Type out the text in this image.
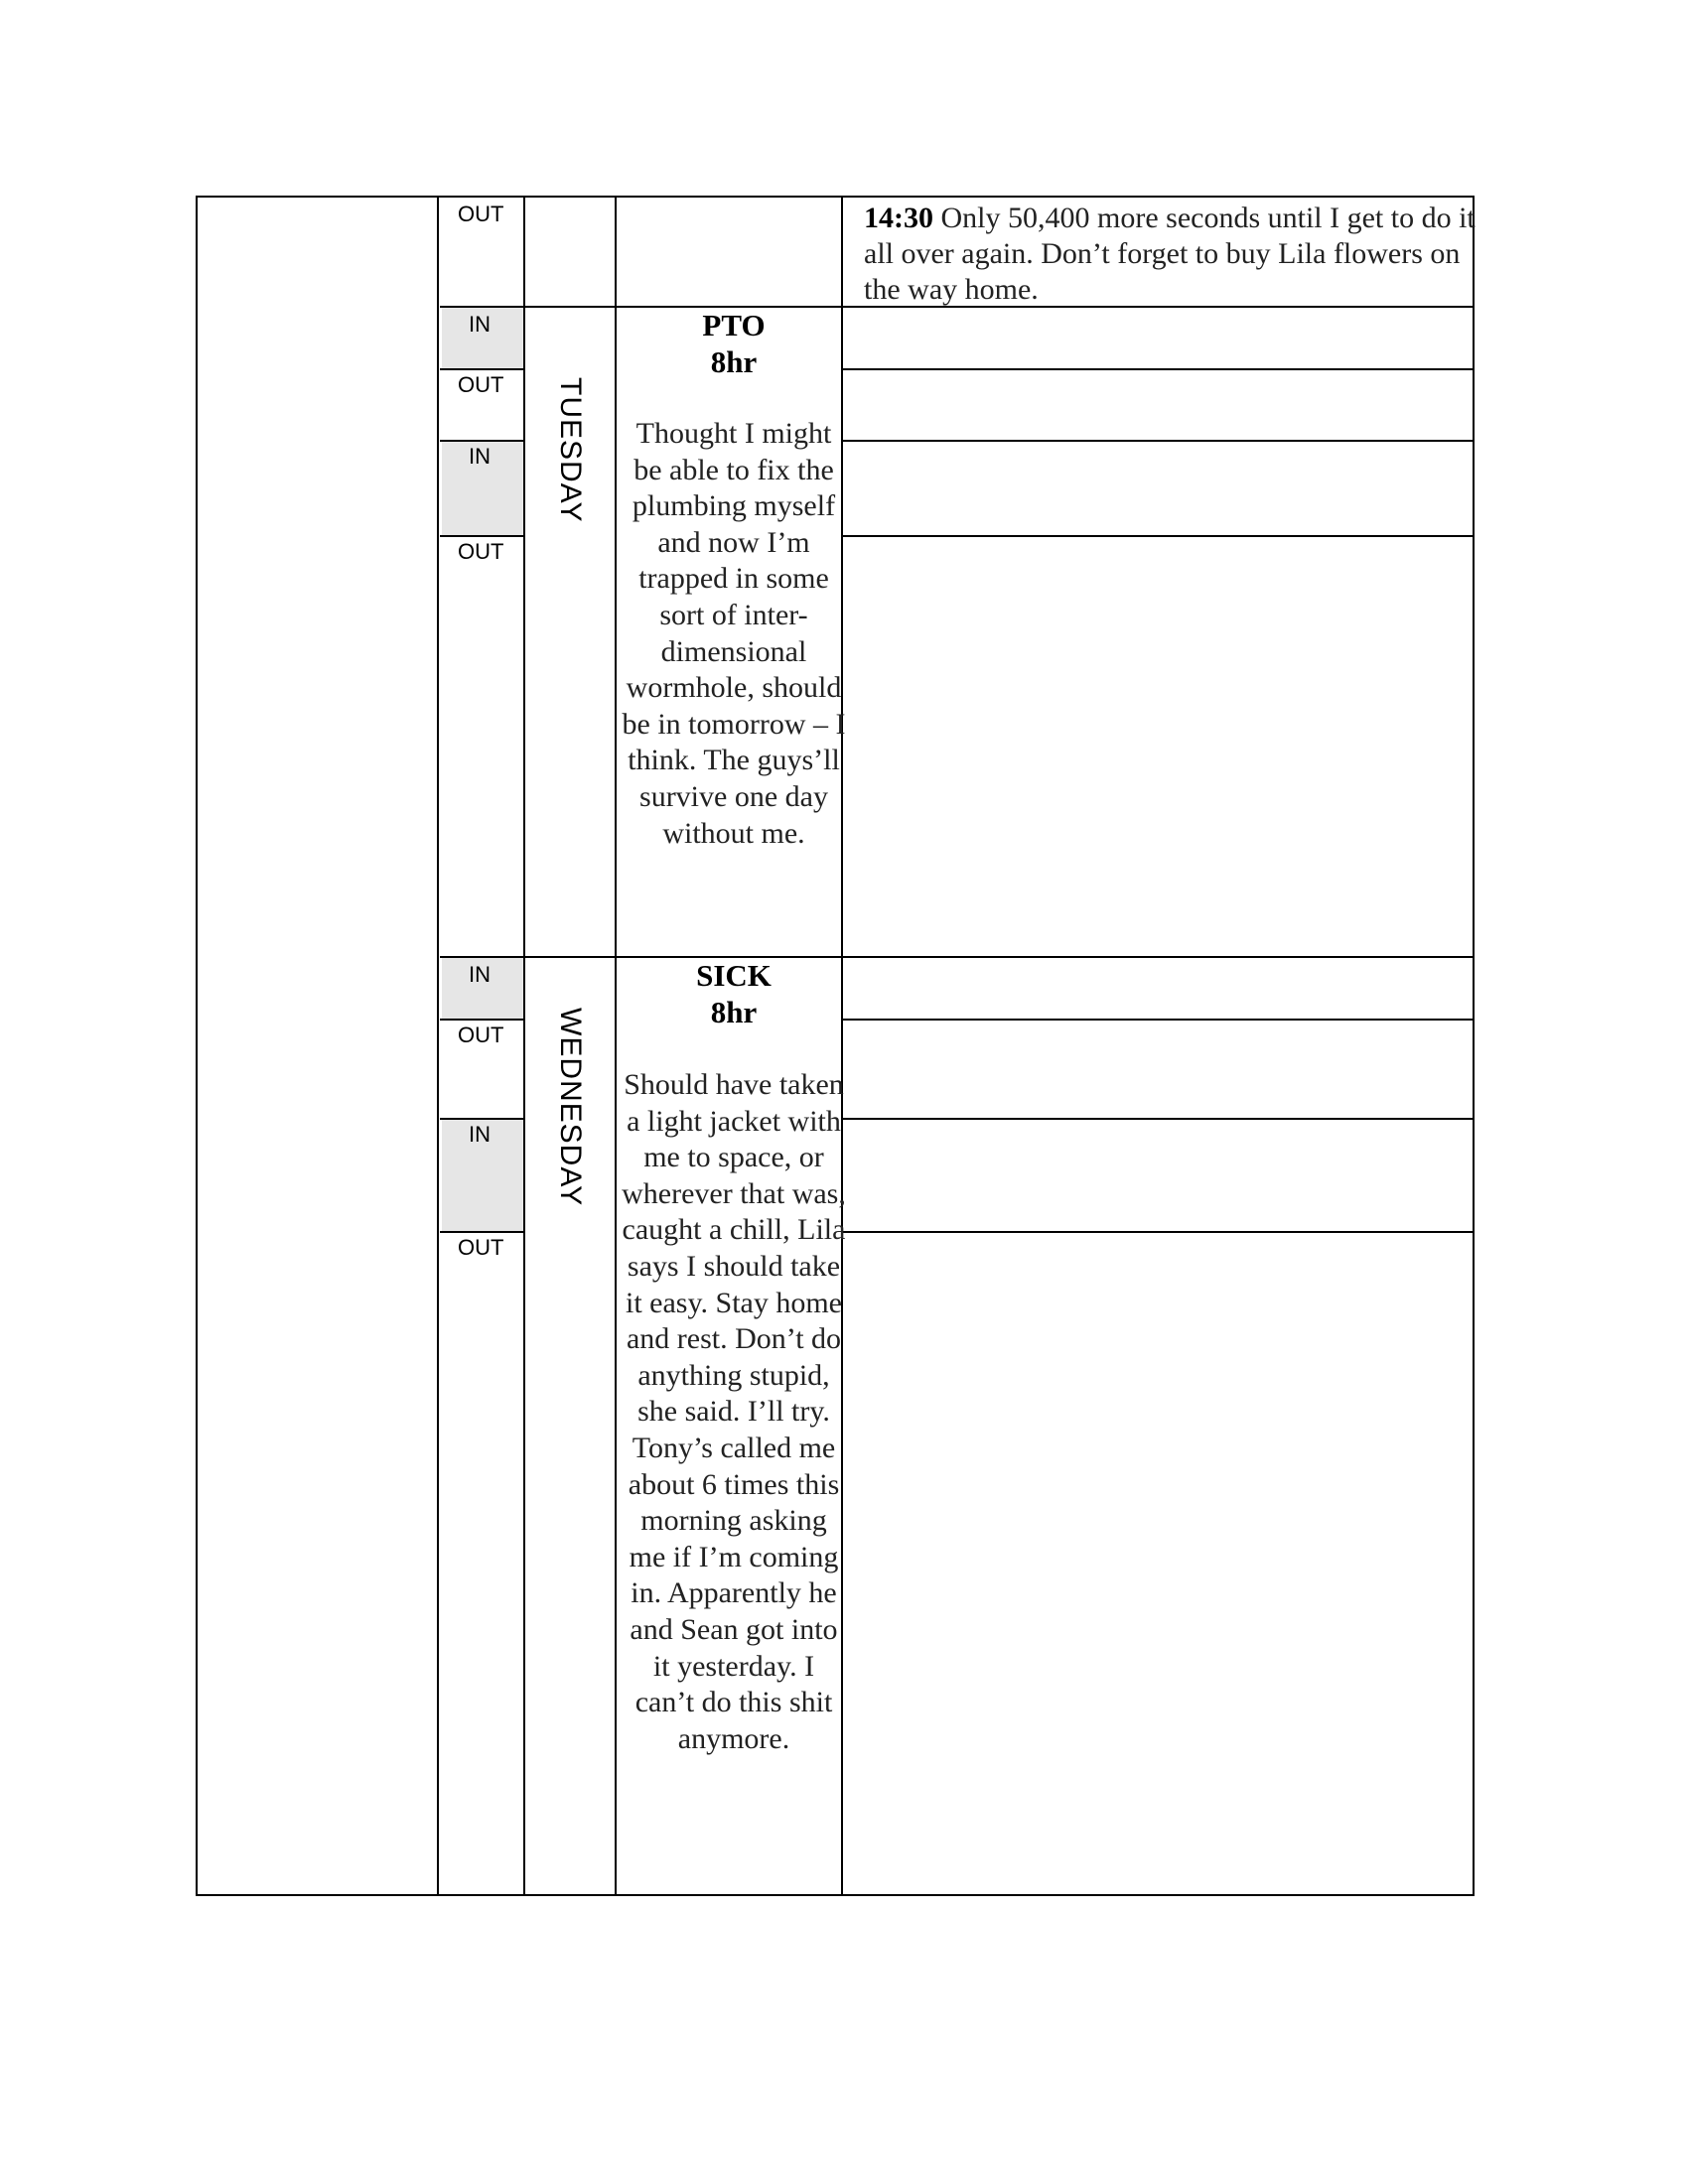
OUT	14:30 Only 50,400 more seconds until I get to do it all over again. Don’t forget to buy Lila flowers on the way home.
IN
OUT
IN
OUT
TUESDAY
PTO
8hr
Thought I might be able to fix the plumbing myself and now I’m trapped in some sort of inter-dimensional wormhole, should be in tomorrow – I think. The guys’ll survive one day without me.
IN
OUT
IN
OUT
WEDNESDAY
SICK
8hr
Should have taken a light jacket with me to space, or wherever that was, caught a chill, Lila says I should take it easy. Stay home and rest. Don’t do anything stupid, she said. I’ll try. Tony’s called me about 6 times this morning asking me if I’m coming in. Apparently he and Sean got into it yesterday. I can’t do this shit anymore.
